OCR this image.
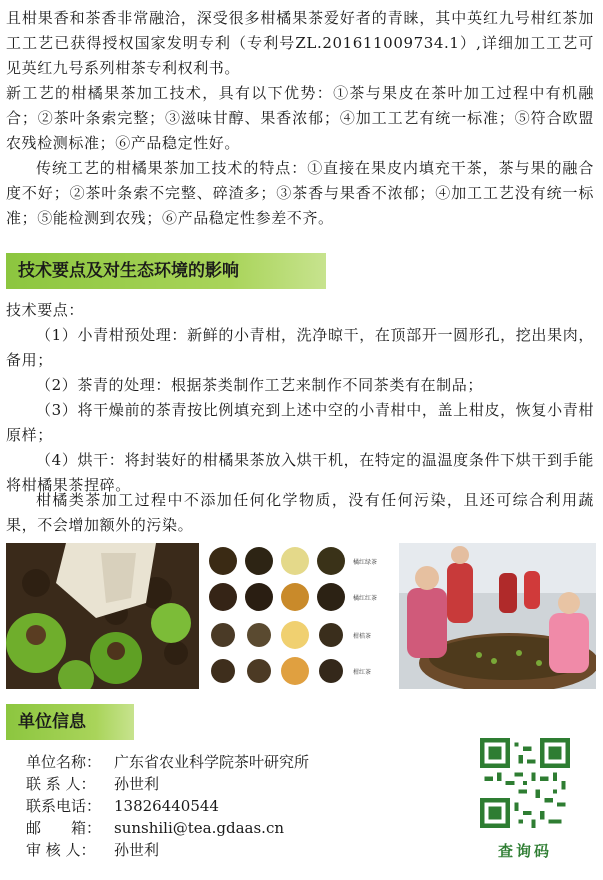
且柑果香和茶香非常融洽，深受很多柑橘果茶爱好者的青睐，其中英红九号柑红茶加工工艺已获得授权国家发明专利（专利号ZL.201611009734.1）,详细加工工艺可见英红九号系列柑茶专利权利书。

新工艺的柑橘果茶加工技术，具有以下优势：①茶与果皮在茶叶加工过程中有机融合；②茶叶条索完整；③滋味甘醇、果香浓郁；④加工工艺有统一标准；⑤符合欧盟农残检测标准；⑥产品稳定性好。

传统工艺的柑橘果茶加工技术的特点：①直接在果皮内填充干茶，茶与果的融合度不好；②茶叶条索不完整、碎渣多；③茶香与果香不浓郁；④加工工艺没有统一标准；⑤能检测到农残；⑥产品稳定性参差不齐。

技术要点及对生态环境的影响

技术要点：

（1）小青柑预处理：新鲜的小青柑，洗净晾干，在顶部开一圆形孔，挖出果肉，备用；

（2）茶青的处理：根据茶类制作工艺来制作不同茶类有在制品；

（3）将干燥前的茶青按比例填充到上述中空的小青柑中，盖上柑皮，恢复小青柑原样；

（4）烘干：将封装好的柑橘果茶放入烘干机，在特定的温温度条件下烘干到手能将柑橘果茶捏碎。

柑橘类茶加工过程中不添加任何化学物质，没有任何污染，且还可综合利用蔬果，不会增加额外的污染。

橘红绿茶
橘红红茶
柑桔茶
柑红茶
单位信息
单位名称： 广东省农业科学院茶叶研究所
联 系 人： 孙世利
联系电话： 13826440544
邮　　箱： sunshili@tea.gdaas.cn
审 核 人： 孙世利	查询码
